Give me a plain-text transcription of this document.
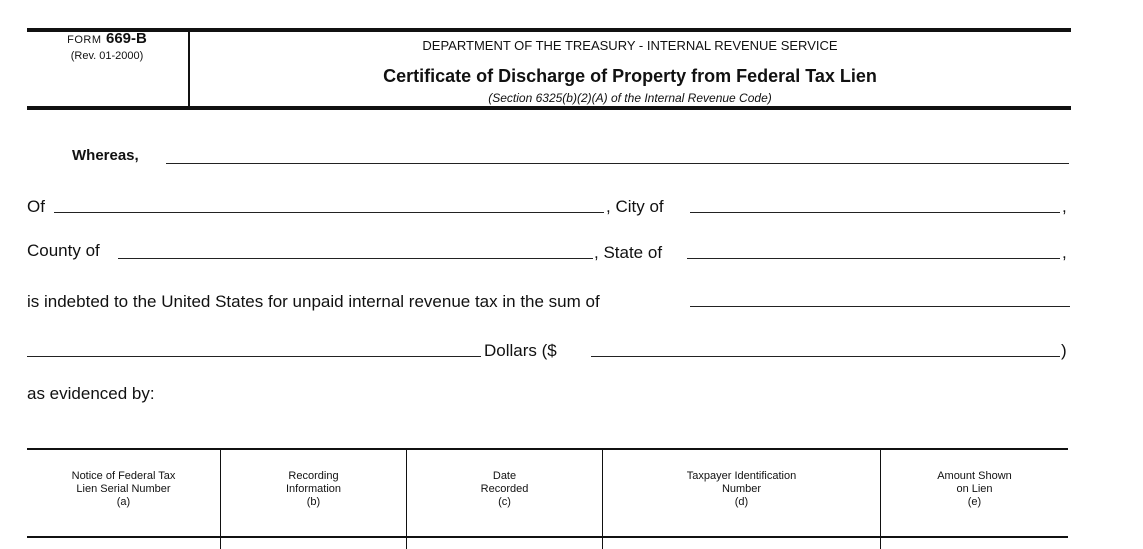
FORM 669-B
(Rev. 01-2000)
DEPARTMENT OF THE TREASURY - INTERNAL REVENUE SERVICE
Certificate of Discharge of Property from Federal Tax Lien
(Section 6325(b)(2)(A) of the Internal Revenue Code)
Whereas,
Of	, City of	,
County of	, State of	,
is indebted to the United States for unpaid internal revenue tax in the sum of
Dollars ($	)
as evidenced by:
Notice of Federal Tax
Lien Serial Number
(a)
Recording
Information
(b)
Date
Recorded
(c)
Taxpayer Identification
Number
(d)
Amount Shown
on Lien
(e)
